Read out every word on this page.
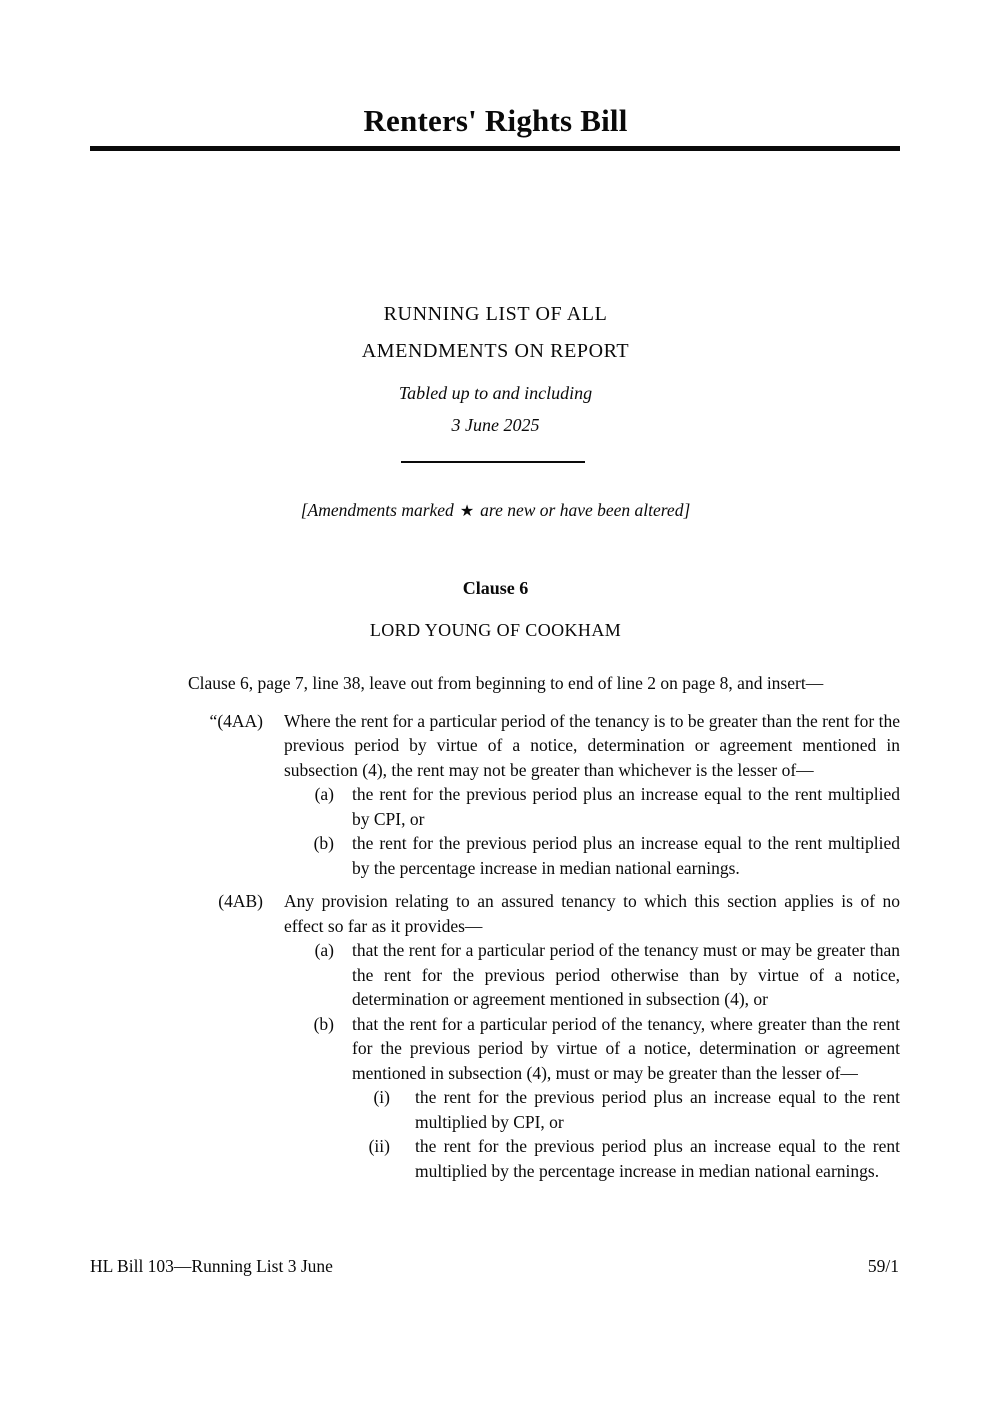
Renters' Rights Bill
RUNNING LIST OF ALL
AMENDMENTS ON REPORT
Tabled up to and including
3 June 2025
[Amendments marked ★ are new or have been altered]
Clause 6
LORD YOUNG OF COOKHAM

Clause 6, page 7, line 38, leave out from beginning to end of line 2 on page 8, and insert—

“(4AA) Where the rent for a particular period of the tenancy is to be greater than the rent for the previous period by virtue of a notice, determination or agreement mentioned in subsection (4), the rent may not be greater than whichever is the lesser of—
(a) the rent for the previous period plus an increase equal to the rent multiplied by CPI, or
(b) the rent for the previous period plus an increase equal to the rent multiplied by the percentage increase in median national earnings.
(4AB) Any provision relating to an assured tenancy to which this section applies is of no effect so far as it provides—
(a) that the rent for a particular period of the tenancy must or may be greater than the rent for the previous period otherwise than by virtue of a notice, determination or agreement mentioned in subsection (4), or
(b) that the rent for a particular period of the tenancy, where greater than the rent for the previous period by virtue of a notice, determination or agreement mentioned in subsection (4), must or may be greater than the lesser of—
(i) the rent for the previous period plus an increase equal to the rent multiplied by CPI, or
(ii) the rent for the previous period plus an increase equal to the rent multiplied by the percentage increase in median national earnings.
HL Bill 103—Running List 3 June	59/1
